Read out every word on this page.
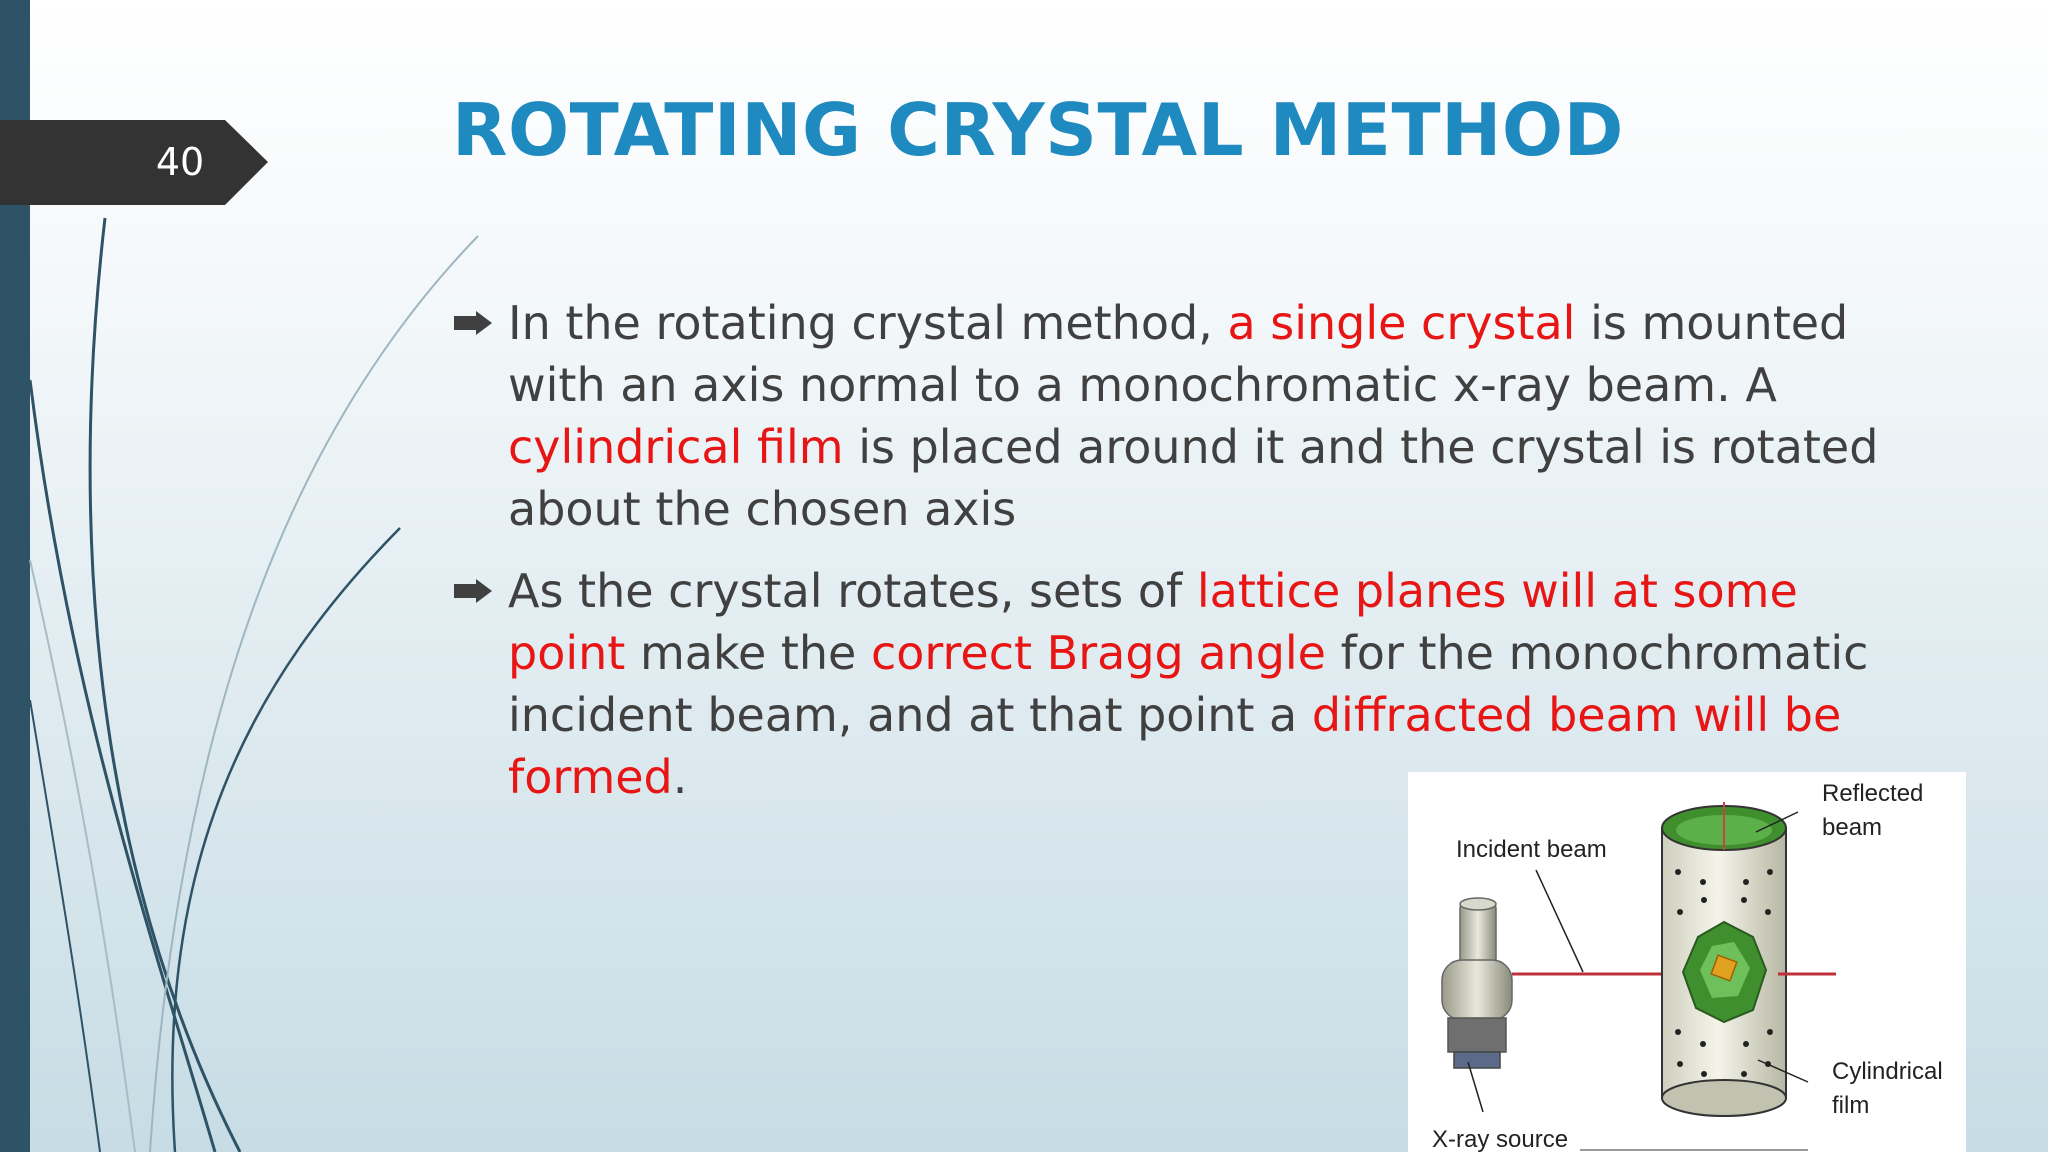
40	ROTATING CRYSTAL METHOD
In the rotating crystal method, a single crystal is mounted with an axis normal to a monochromatic x-ray beam. A cylindrical film is placed around it and the crystal is rotated about the chosen axis
As the crystal rotates, sets of lattice planes will at some point make the correct Bragg angle for the monochromatic incident beam, and at that point a diffracted beam will be formed.	Reflected
beam
Incident beam
Cylindrical
film
X-ray source
